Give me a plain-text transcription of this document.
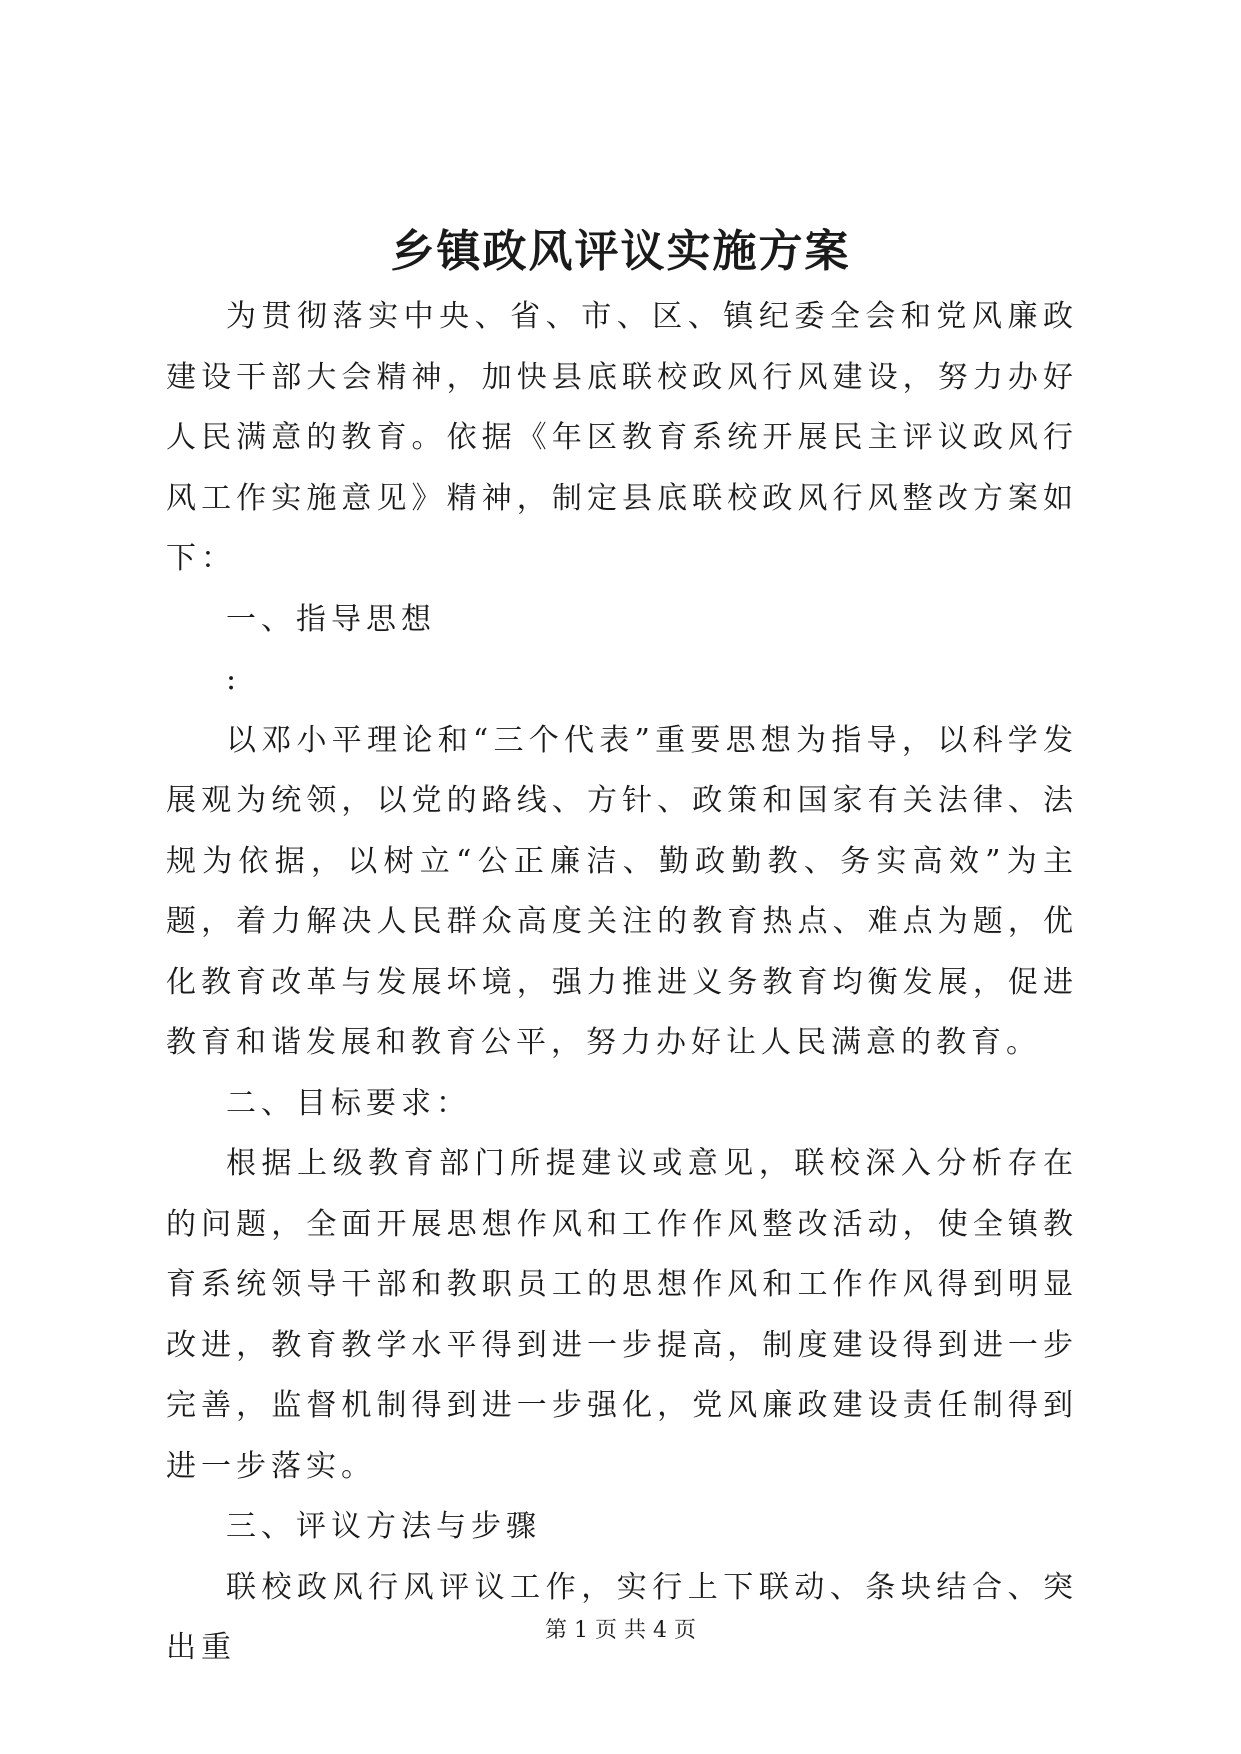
乡镇政风评议实施方案

为贯彻落实中央、省、市、区、镇纪委全会和党风廉政建设干部大会精神，加快县底联校政风行风建设，努力办好人民满意的教育。依据《年区教育系统开展民主评议政风行风工作实施意见》精神，制定县底联校政风行风整改方案如下：

一、指导思想

:

以邓小平理论和“三个代表”重要思想为指导，以科学发展观为统领，以党的路线、方针、政策和国家有关法律、法规为依据，以树立“公正廉洁、勤政勤教、务实高效”为主题，着力解决人民群众高度关注的教育热点、难点为题，优化教育改革与发展坏境，强力推进义务教育均衡发展，促进教育和谐发展和教育公平，努力办好让人民满意的教育。

二、目标要求：

根据上级教育部门所提建议或意见，联校深入分析存在的问题，全面开展思想作风和工作作风整改活动，使全镇教育系统领导干部和教职员工的思想作风和工作作风得到明显改进，教育教学水平得到进一步提高，制度建设得到进一步完善，监督机制得到进一步强化，党风廉政建设责任制得到进一步落实。

三、评议方法与步骤

联校政风行风评议工作，实行上下联动、条块结合、突出重	第 1 页 共 4 页
